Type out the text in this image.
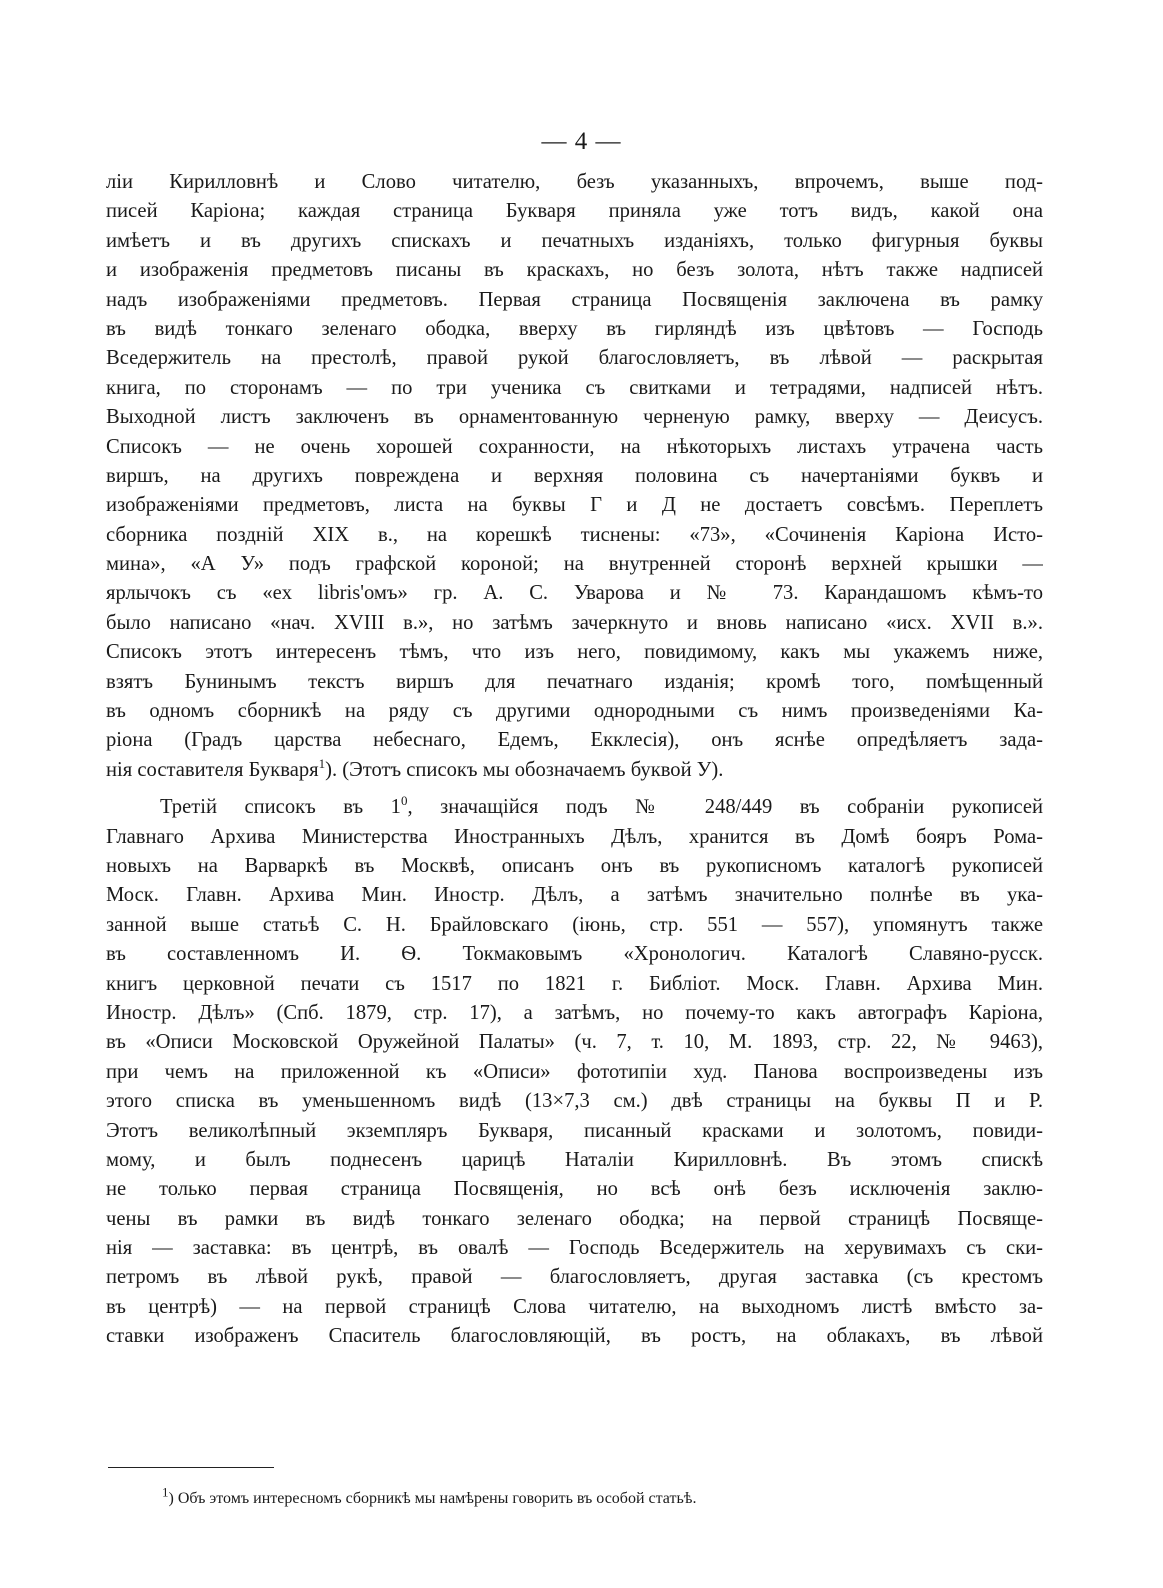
— 4 —
ліи Кирилловнѣ и Слово читателю, безъ указанныхъ, впрочемъ, выше под-
писей Каріона; каждая страница Букваря приняла уже тотъ видъ, какой она
имѣетъ и въ другихъ спискахъ и печатныхъ изданіяхъ, только фигурныя буквы
и изображенія предметовъ писаны въ краскахъ, но безъ золота, нѣтъ также надписей
надъ изображеніями предметовъ. Первая страница Посвященія заключена въ рамку
въ видѣ тонкаго зеленаго ободка, вверху въ гирляндѣ изъ цвѣтовъ — Господь
Вседержитель на престолѣ, правой рукой благословляетъ, въ лѣвой — раскрытая
книга, по сторонамъ — по три ученика съ свитками и тетрадями, надписей нѣтъ.
Выходной листъ заключенъ въ орнаментованную черненую рамку, вверху — Деисусъ.
Списокъ — не очень хорошей сохранности, на нѣкоторыхъ листахъ утрачена часть
виршъ, на другихъ повреждена и верхняя половина съ начертаніями буквъ и
изображеніями предметовъ, листа на буквы Г и Д не достаетъ совсѣмъ. Переплетъ
сборника поздній XIX в., на корешкѣ тиснены: «73», «Сочиненія Каріона Исто-
мина», «А У» подъ графской короной; на внутренней сторонѣ верхней крышки —
ярлычокъ съ «ex libris'омъ» гр. А. С. Уварова и № 73. Карандашомъ кѣмъ-то
было написано «нач. XVIII в.», но затѣмъ зачеркнуто и вновь написано «исх. XVII в.».
Списокъ этотъ интересенъ тѣмъ, что изъ него, повидимому, какъ мы укажемъ ниже,
взятъ Бунинымъ текстъ виршъ для печатнаго изданія; кромѣ того, помѣщенный
въ одномъ сборникѣ на ряду съ другими однородными съ нимъ произведеніями Ка-
ріона (Градъ царства небеснаго, Едемъ, Екклесія), онъ яснѣе опредѣляетъ зада-
нія составителя Букваря$^1$). (Этотъ списокъ мы обозначаемъ буквой У).
Третій списокъ въ $1^0$, значащійся подъ № 248/449 въ собраніи рукописей
Главнаго Архива Министерства Иностранныхъ Дѣлъ, хранится въ Домѣ бояръ Рома-
новыхъ на Варваркѣ въ Москвѣ, описанъ онъ въ рукописномъ каталогѣ рукописей
Моск. Главн. Архива Мин. Иностр. Дѣлъ, а затѣмъ значительно полнѣе въ ука-
занной выше статьѣ С. Н. Брайловскаго (іюнь, стр. 551 — 557), упомянутъ также
въ составленномъ И. Ѳ. Токмаковымъ «Хронологич. Каталогѣ Славяно-русск.
книгъ церковной печати съ 1517 по 1821 г. Библіот. Моск. Главн. Архива Мин.
Иностр. Дѣлъ» (Спб. 1879, стр. 17), а затѣмъ, но почему-то какъ автографъ Каріона,
въ «Описи Московской Оружейной Палаты» (ч. 7, т. 10, М. 1893, стр. 22, № 9463),
при чемъ на приложенной къ «Описи» фототипіи худ. Панова воспроизведены изъ
этого списка въ уменьшенномъ видѣ (13×7,3 см.) двѣ страницы на буквы П и Р.
Этотъ великолѣпный экземпляръ Букваря, писанный красками и золотомъ, повиди-
мому, и былъ поднесенъ царицѣ Наталіи Кирилловнѣ. Въ этомъ спискѣ
не только первая страница Посвященія, но всѣ онѣ безъ исключенія заклю-
чены въ рамки въ видѣ тонкаго зеленаго ободка; на первой страницѣ Посвяще-
нія — заставка: въ центрѣ, въ овалѣ — Господь Вседержитель на херувимахъ съ ски-
петромъ въ лѣвой рукѣ, правой — благословляетъ, другая заставка (съ крестомъ
въ центрѣ) — на первой страницѣ Слова читателю, на выходномъ листѣ вмѣсто за-
ставки изображенъ Спаситель благословляющій, въ ростъ, на облакахъ, въ лѣвой
$^1$) Объ этомъ интересномъ сборникѣ мы намѣрены говорить въ особой статьѣ.
